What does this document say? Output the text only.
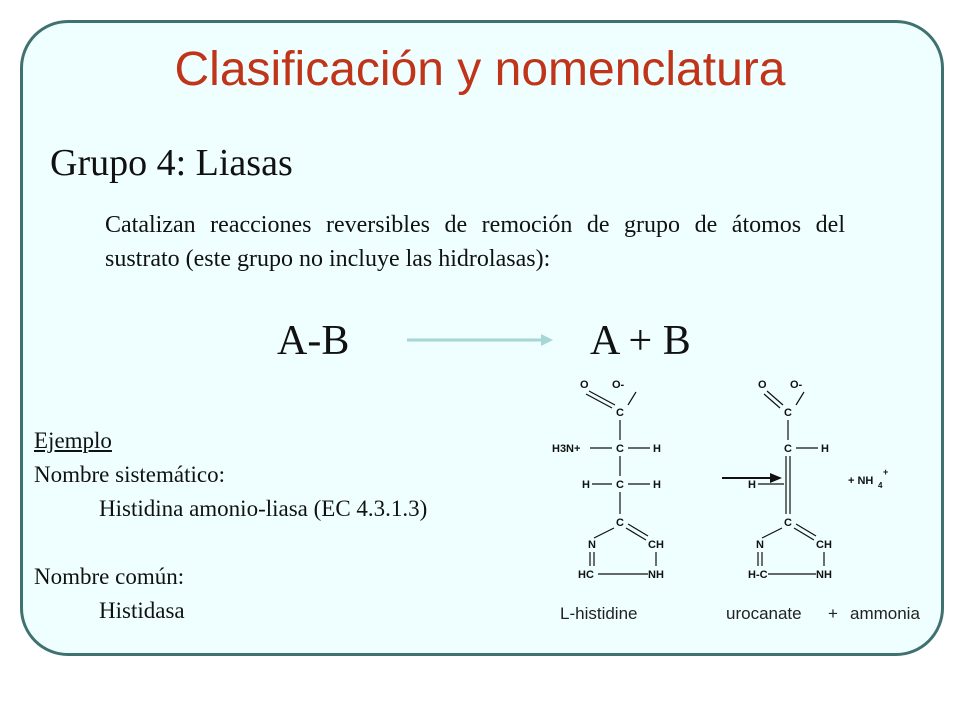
Clasificación y nomenclatura
Grupo 4: Liasas
Catalizan reacciones reversibles de remoción de grupo de átomos del sustrato (este grupo no incluye las hidrolasas):
A-B	A + B
Ejemplo
Nombre sistemático:
Histidina amonio-liasa (EC 4.3.1.3)

Nombre común:
Histidasa
O O-
C
H3N+	C	H
H C	H
C
N	CH
HC	NH
O O-
C
C	H
H
C
N	CH
H-C	NH
+ NH 4
+
L-histidine	urocanate + ammonia
